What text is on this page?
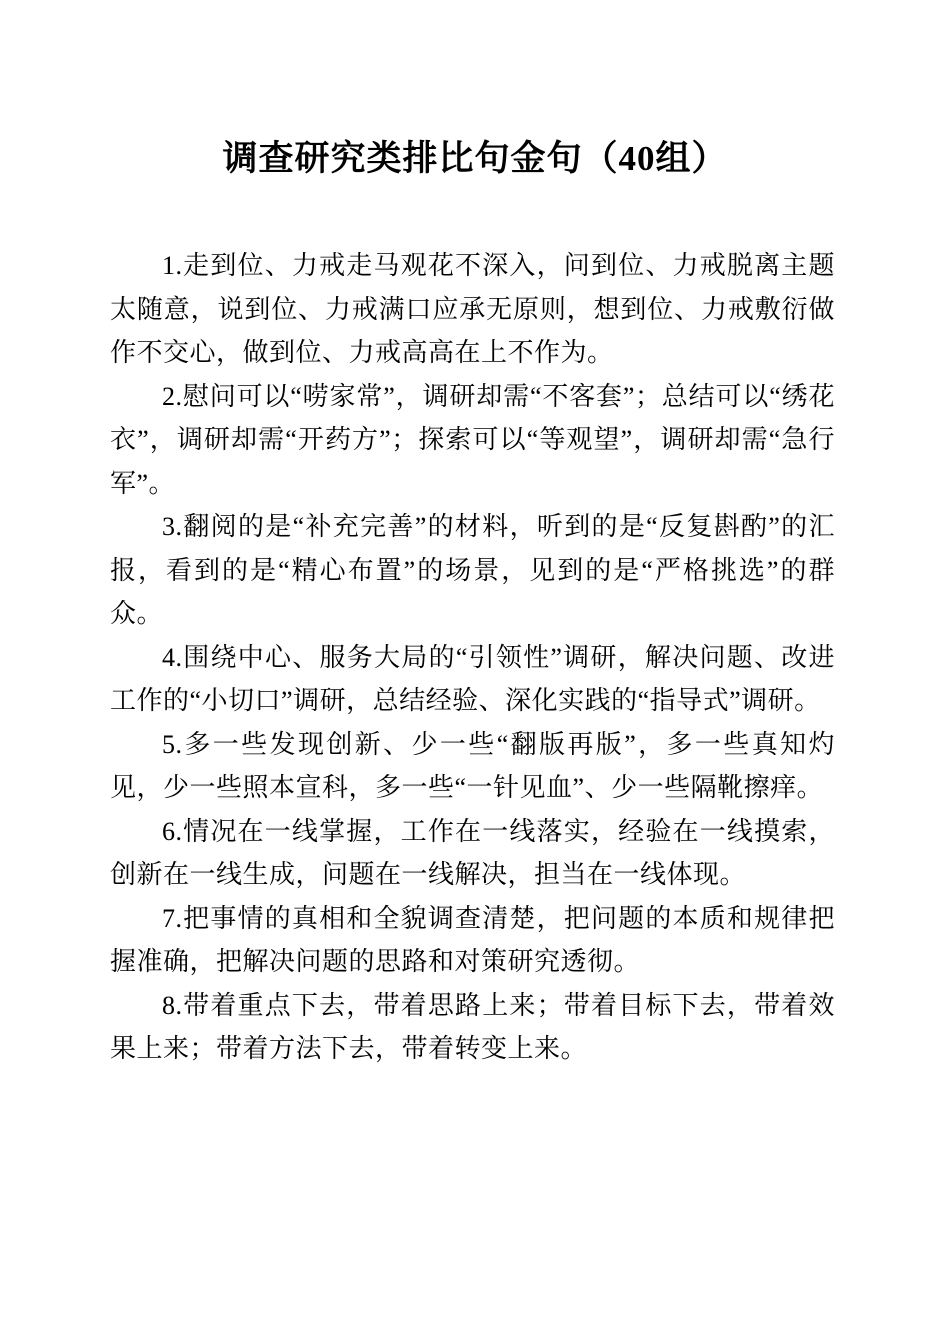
调查研究类排比句金句（40组）

1.走到位、力戒走马观花不深入，问到位、力戒脱离主题太随意，说到位、力戒满口应承无原则，想到位、力戒敷衍做作不交心，做到位、力戒高高在上不作为。

2.慰问可以“唠家常”，调研却需“不客套”；总结可以“绣花衣”，调研却需“开药方”；探索可以“等观望”，调研却需“急行军”。

3.翻阅的是“补充完善”的材料，听到的是“反复斟酌”的汇报，看到的是“精心布置”的场景，见到的是“严格挑选”的群众。

4.围绕中心、服务大局的“引领性”调研，解决问题、改进工作的“小切口”调研，总结经验、深化实践的“指导式”调研。

5.多一些发现创新、少一些“翻版再版”，多一些真知灼见，少一些照本宣科，多一些“一针见血”、少一些隔靴擦痒。

6.情况在一线掌握，工作在一线落实，经验在一线摸索，创新在一线生成，问题在一线解决，担当在一线体现。

7.把事情的真相和全貌调查清楚，把问题的本质和规律把握准确，把解决问题的思路和对策研究透彻。

8.带着重点下去，带着思路上来；带着目标下去，带着效果上来；带着方法下去，带着转变上来。
